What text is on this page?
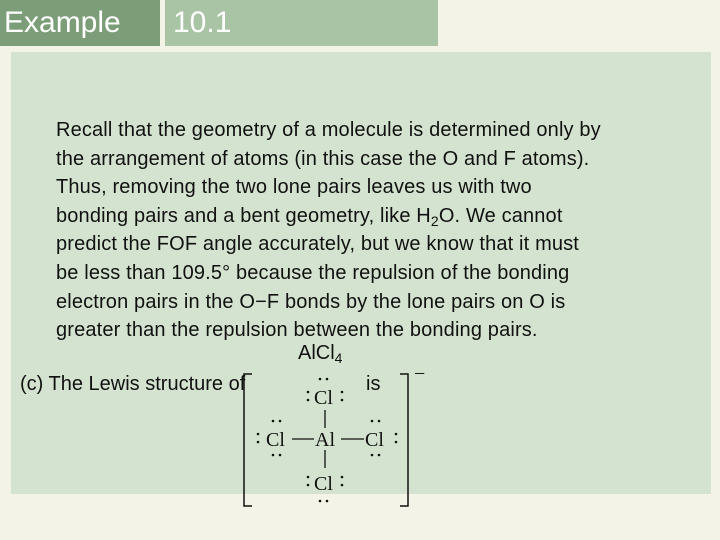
Example	10.1
Recall that the geometry of a molecule is determined only by
the arrangement of atoms (in this case the O and F atoms).
Thus, removing the two lone pairs leaves us with two
bonding pairs and a bent geometry, like $H_2O$. We cannot
predict the FOF angle accurately, but we know that it must
be less than 109.5° because the repulsion of the bonding
electron pairs in the O−F bonds by the lone pairs on O is
greater than the repulsion between the bonding pairs.
AlCl$_4$
(c) The Lewis structure of	is −
Cl
Cl Al Cl
Cl
